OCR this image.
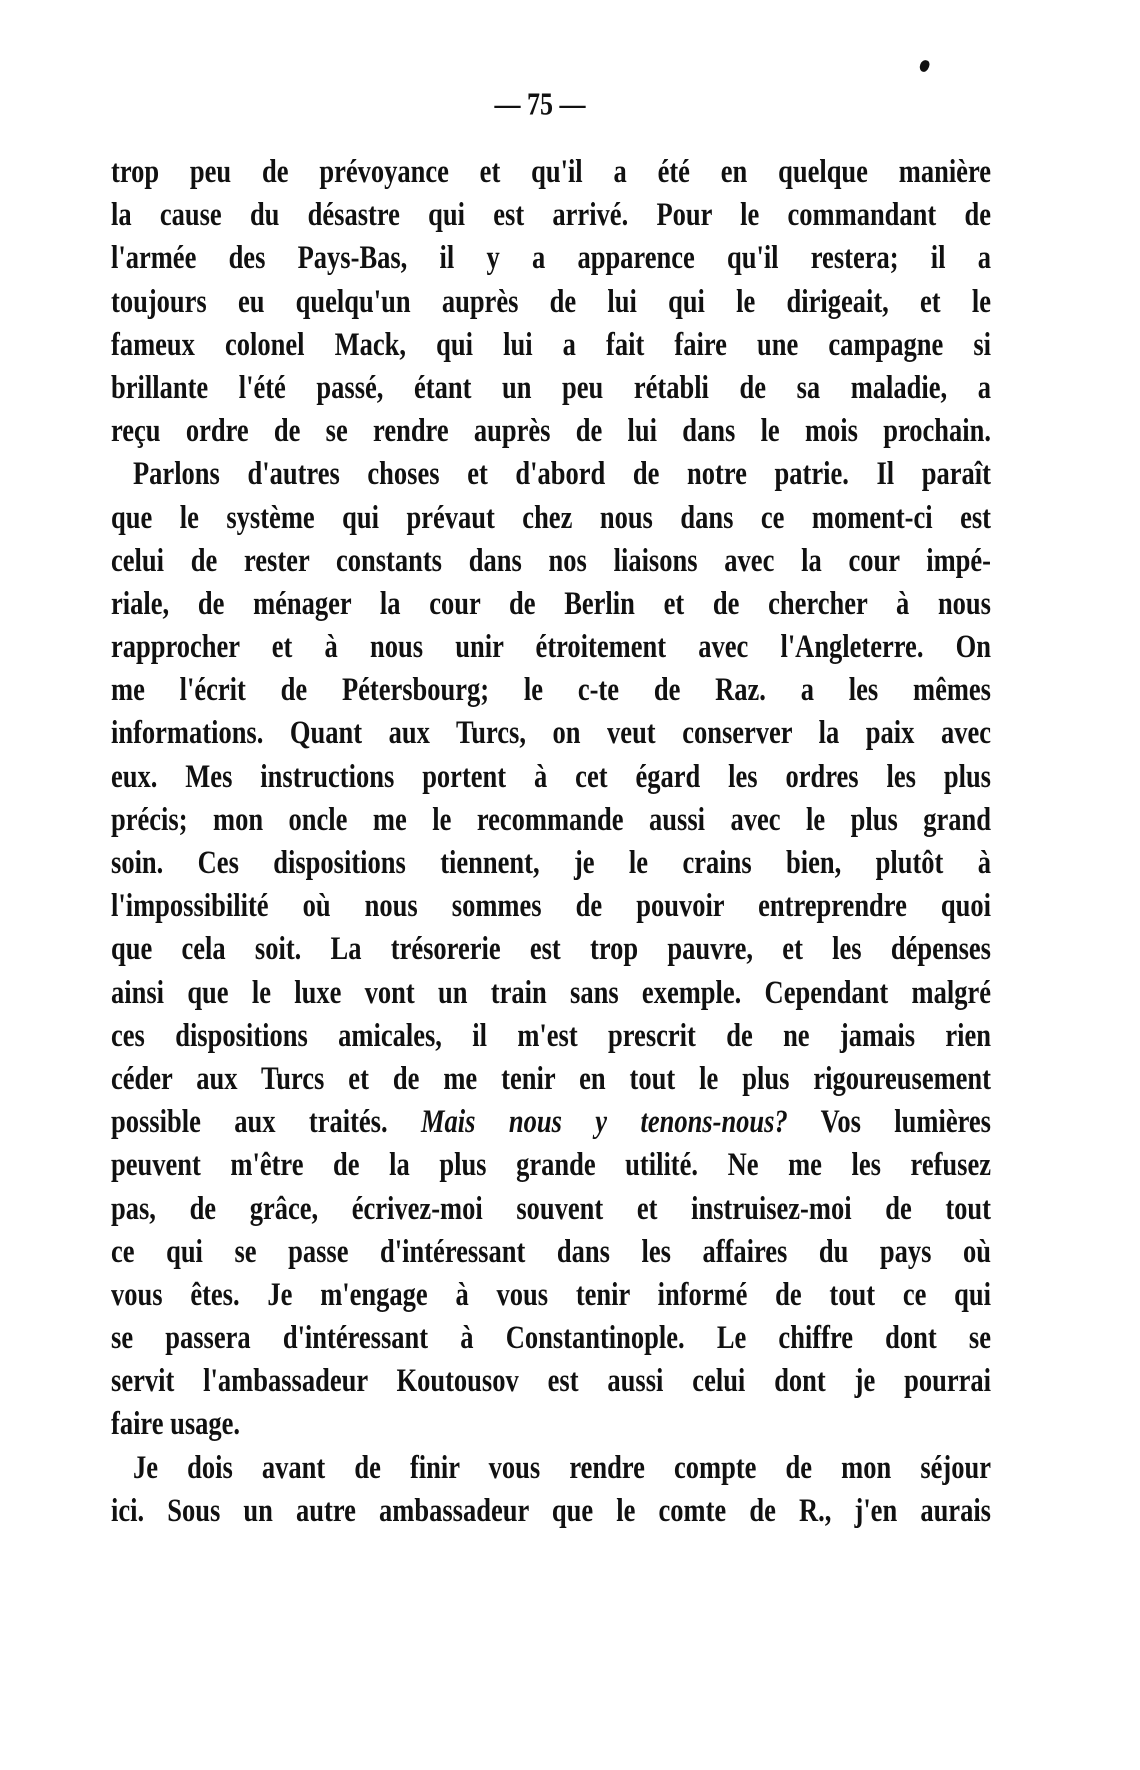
— 75 —
trop peu de prévoyance et qu'il a été en quelque manière
la cause du désastre qui est arrivé. Pour le commandant de
l'armée des Pays-Bas, il y a apparence qu'il restera; il a
toujours eu quelqu'un auprès de lui qui le dirigeait, et le
fameux colonel Mack, qui lui a fait faire une campagne si
brillante l'été passé, étant un peu rétabli de sa maladie, a
reçu ordre de se rendre auprès de lui dans le mois prochain.
Parlons d'autres choses et d'abord de notre patrie. Il paraît
que le système qui prévaut chez nous dans ce moment-ci est
celui de rester constants dans nos liaisons avec la cour impé-
riale, de ménager la cour de Berlin et de chercher à nous
rapprocher et à nous unir étroitement avec l'Angleterre. On
me l'écrit de Pétersbourg; le c-te de Raz. a les mêmes
informations. Quant aux Turcs, on veut conserver la paix avec
eux. Mes instructions portent à cet égard les ordres les plus
précis; mon oncle me le recommande aussi avec le plus grand
soin. Ces dispositions tiennent, je le crains bien, plutôt à
l'impossibilité où nous sommes de pouvoir entreprendre quoi
que cela soit. La trésorerie est trop pauvre, et les dépenses
ainsi que le luxe vont un train sans exemple. Cependant malgré
ces dispositions amicales, il m'est prescrit de ne jamais rien
céder aux Turcs et de me tenir en tout le plus rigoureusement
possible aux traités. Mais nous y tenons-nous? Vos lumières
peuvent m'être de la plus grande utilité. Ne me les refusez
pas, de grâce, écrivez-moi souvent et instruisez-moi de tout
ce qui se passe d'intéressant dans les affaires du pays où
vous êtes. Je m'engage à vous tenir informé de tout ce qui
se passera d'intéressant à Constantinople. Le chiffre dont se
servit l'ambassadeur Koutousov est aussi celui dont je pourrai
faire usage.
Je dois avant de finir vous rendre compte de mon séjour
ici. Sous un autre ambassadeur que le comte de R., j'en aurais
